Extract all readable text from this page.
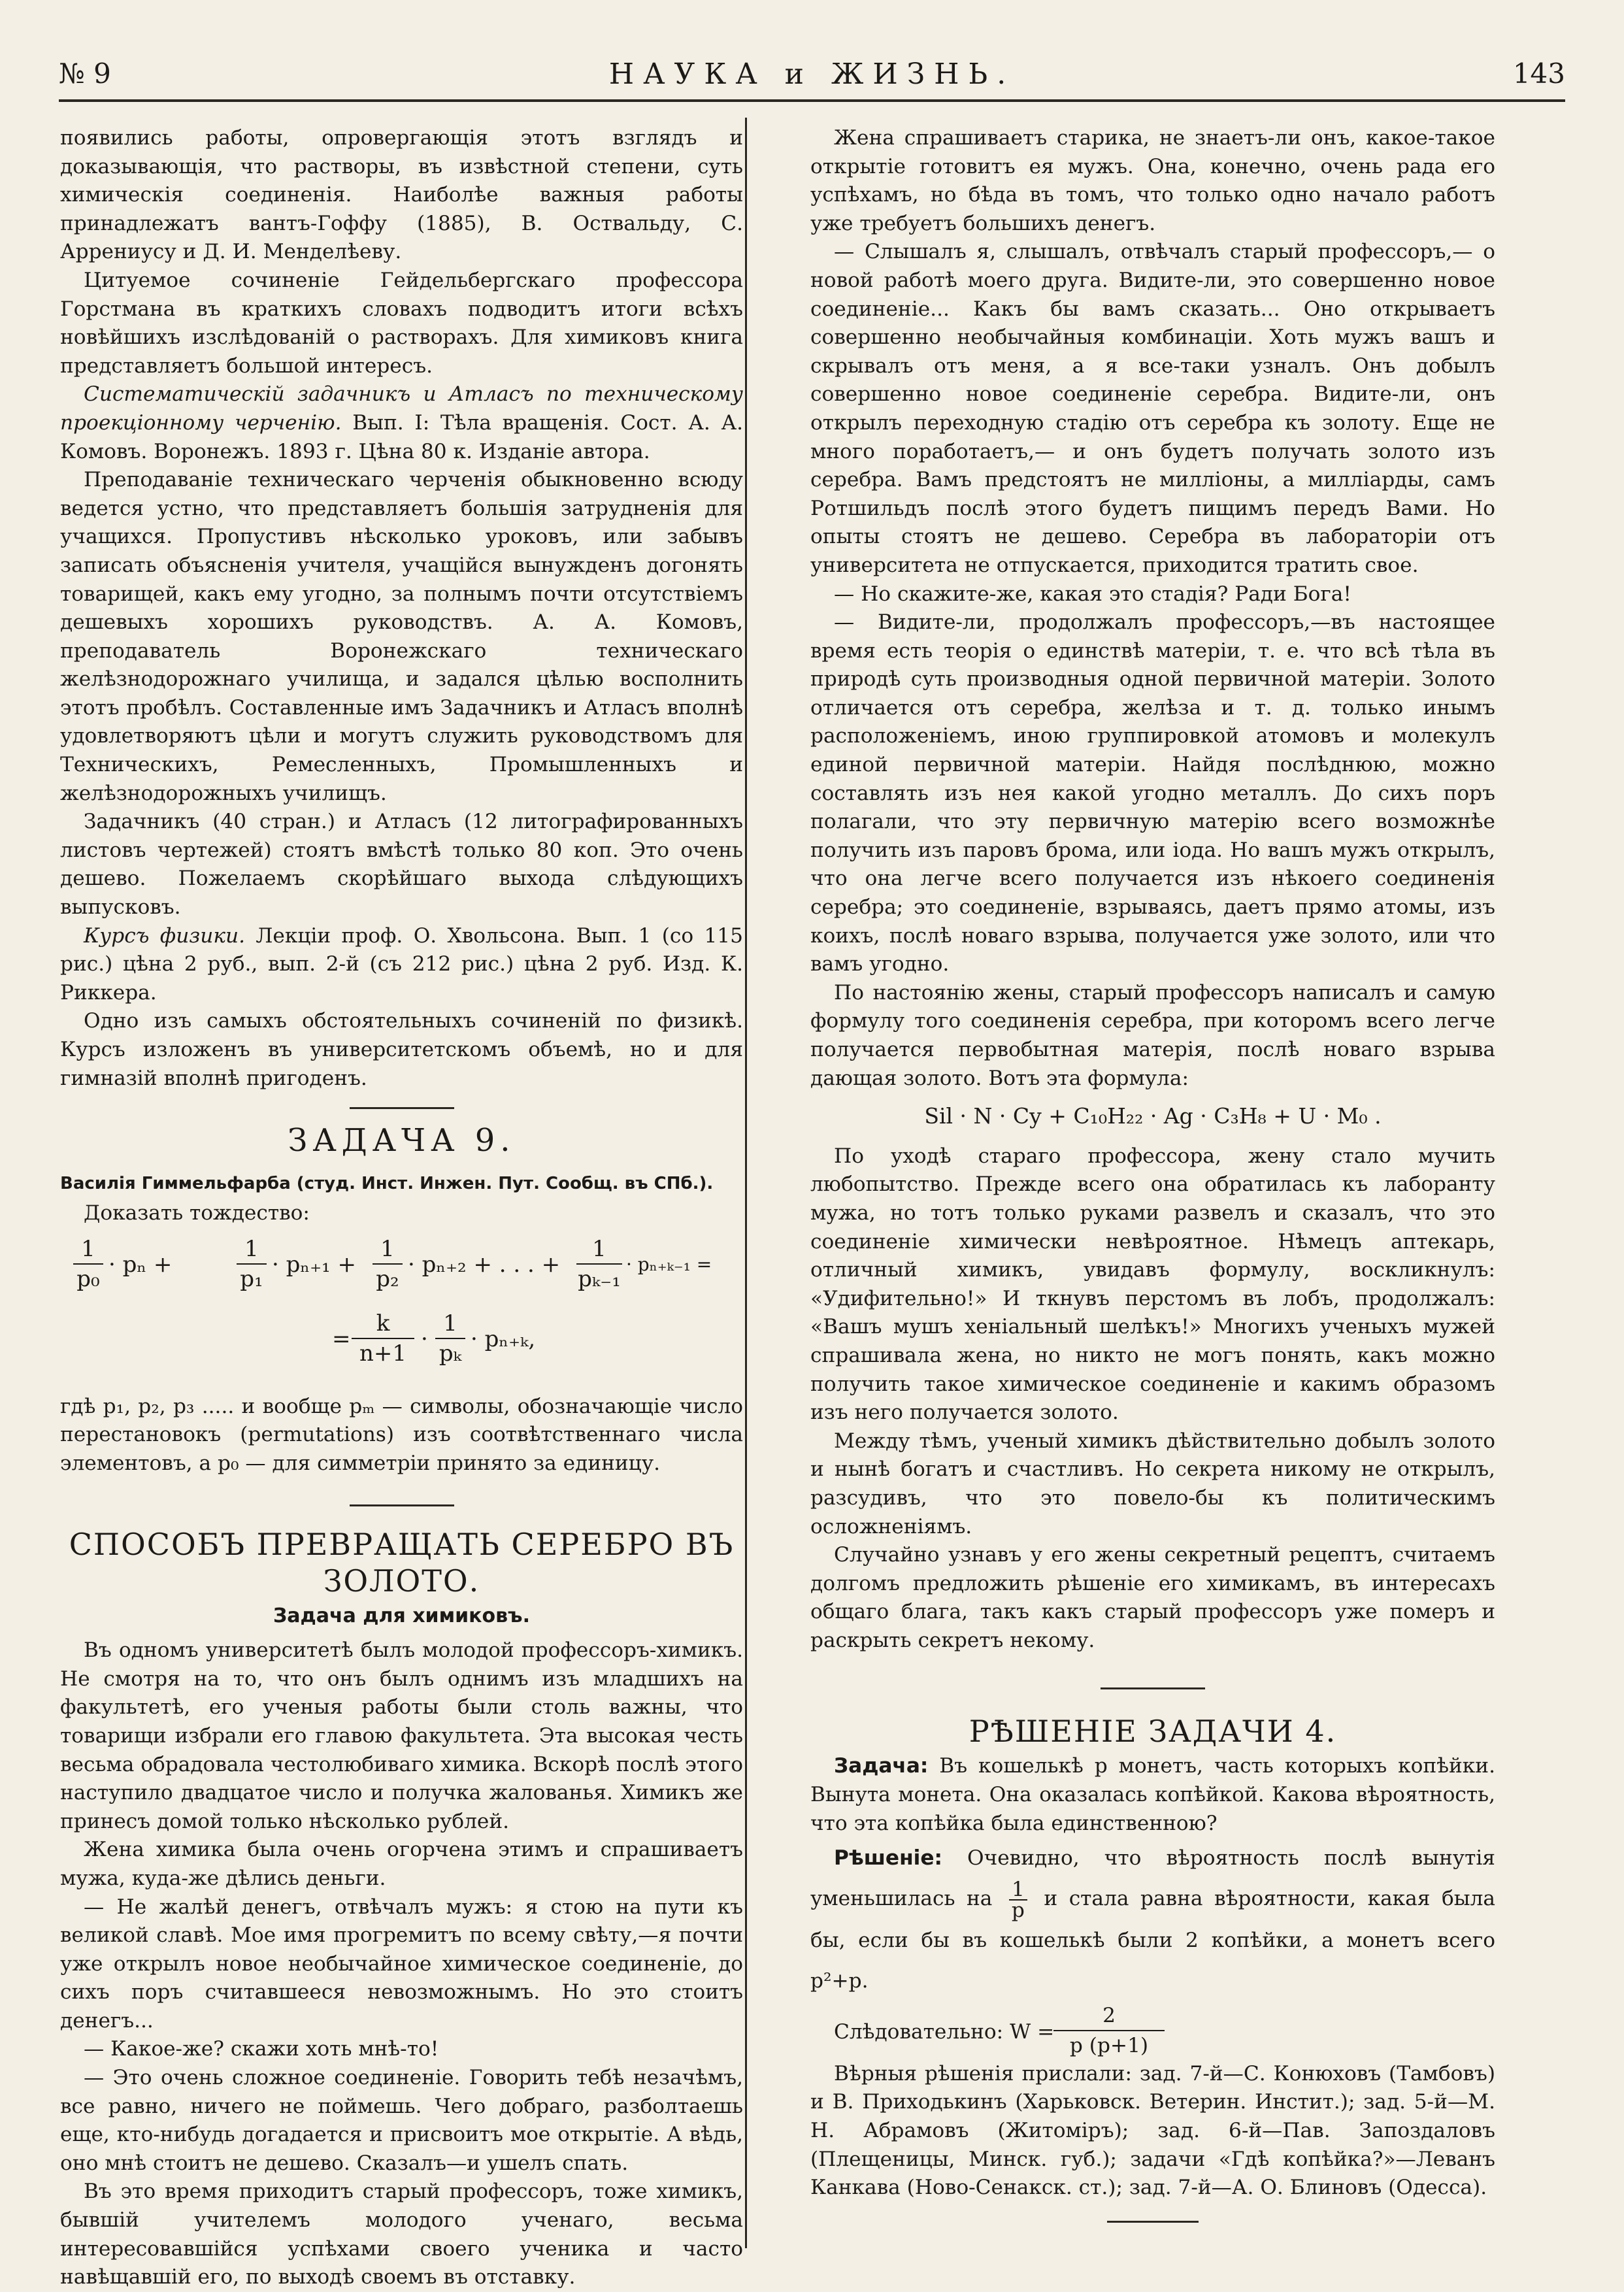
№ 9	НАУКА и ЖИЗНЬ.	143

появились работы, опровергающія этотъ взглядъ и доказывающія, что растворы, въ извѣстной степени, суть химическія соединенія. Наиболѣе важныя работы принадлежатъ вантъ-Гоффу (1885), В. Оствальду, С. Аррениусу и Д. И. Менделѣеву.

Цитуемое сочиненіе Гейдельбергскаго профессора Горстмана въ краткихъ словахъ подводитъ итоги всѣхъ новѣйшихъ изслѣдованій о растворахъ. Для химиковъ книга представляетъ большой интересъ.

Систематическій задачникъ и Атласъ по техническому проекціонному черченію. Вып. I: Тѣла вращенія. Сост. А. А. Комовъ. Воронежъ. 1893 г. Цѣна 80 к. Изданіе автора.

Преподаваніе техническаго черченія обыкновенно всюду ведется устно, что представляетъ большія затрудненія для учащихся. Пропустивъ нѣсколько уроковъ, или забывъ записать объясненія учителя, учащійся вынужденъ догонять товарищей, какъ ему угодно, за полнымъ почти отсутствіемъ дешевыхъ хорошихъ руководствъ. А. А. Комовъ, преподаватель Воронежскаго техническаго желѣзнодорожнаго училища, и задался цѣлью восполнить этотъ пробѣлъ. Составленные имъ Задачникъ и Атласъ вполнѣ удовлетворяютъ цѣли и могутъ служить руководствомъ для Техническихъ, Ремесленныхъ, Промышленныхъ и желѣзнодорожныхъ училищъ.

Задачникъ (40 стран.) и Атласъ (12 литографированныхъ листовъ чертежей) стоятъ вмѣстѣ только 80 коп. Это очень дешево. Пожелаемъ скорѣйшаго выхода слѣдующихъ выпусковъ.

Курсъ физики. Лекціи проф. О. Хвольсона. Вып. 1 (со 115 рис.) цѣна 2 руб., вып. 2-й (съ 212 рис.) цѣна 2 руб. Изд. К. Риккера.

Одно изъ самыхъ обстоятельныхъ сочиненій по физикѣ. Курсъ изложенъ въ университетскомъ объемѣ, но и для гимназій вполнѣ пригоденъ.

ЗАДАЧА 9.
Василія Гиммельфарба (студ. Инст. Инжен. Пут. Сообщ. въ СПб.).

Доказать тождество:

1
p₀
· pₙ +
1
p₁
· pₙ₊₁ +
1
p₂
· pₙ₊₂ + . . . +
1
pₖ₋₁
· pₙ₊ₖ₋₁ =
=
k
n+1
·
1
pₖ
· pₙ₊ₖ,

гдѣ p₁, p₂, p₃ ..... и вообще pₘ — символы, обозначающіе число перестановокъ (permutations) изъ соотвѣтственнаго числа элементовъ, а p₀ — для симметріи принято за единицу.

СПОСОБЪ ПРЕВРАЩАТЬ СЕРЕБРО ВЪ ЗОЛОТО.
Задача для химиковъ.

Въ одномъ университетѣ былъ молодой профессоръ-химикъ. Не смотря на то, что онъ былъ однимъ изъ младшихъ на факультетѣ, его ученыя работы были столь важны, что товарищи избрали его главою факультета. Эта высокая честь весьма обрадовала честолюбиваго химика. Вскорѣ послѣ этого наступило двадцатое число и получка жалованья. Химикъ же принесъ домой только нѣсколько рублей.

Жена химика была очень огорчена этимъ и спрашиваетъ мужа, куда-же дѣлись деньги.

— Не жалѣй денегъ, отвѣчалъ мужъ: я стою на пути къ великой славѣ. Мое имя прогремитъ по всему свѣту,—я почти уже открылъ новое необычайное химическое соединеніе, до сихъ поръ считавшееся невозможнымъ. Но это стоитъ денегъ...

— Какое-же? скажи хоть мнѣ-то!

— Это очень сложное соединеніе. Говорить тебѣ незачѣмъ, все равно, ничего не поймешь. Чего добраго, разболтаешь еще, кто-нибудь догадается и присвоитъ мое открытіе. А вѣдь, оно мнѣ стоитъ не дешево. Сказалъ—и ушелъ спать.

Въ это время приходитъ старый профессоръ, тоже химикъ, бывшій учителемъ молодого ученаго, весьма интересовавшійся успѣхами своего ученика и часто навѣщавшій его, по выходѣ своемъ въ отставку.

Жена спрашиваетъ старика, не знаетъ-ли онъ, какое-такое открытіе готовитъ ея мужъ. Она, конечно, очень рада его успѣхамъ, но бѣда въ томъ, что только одно начало работъ уже требуетъ большихъ денегъ.

— Слышалъ я, слышалъ, отвѣчалъ старый профессоръ,— о новой работѣ моего друга. Видите-ли, это совершенно новое соединеніе... Какъ бы вамъ сказать... Оно открываетъ совершенно необычайныя комбинаціи. Хоть мужъ вашъ и скрывалъ отъ меня, а я все-таки узналъ. Онъ добылъ совершенно новое соединеніе серебра. Видите-ли, онъ открылъ переходную стадію отъ серебра къ золоту. Еще не много поработаетъ,— и онъ будетъ получать золото изъ серебра. Вамъ предстоятъ не милліоны, а милліарды, самъ Ротшильдъ послѣ этого будетъ пищимъ передъ Вами. Но опыты стоятъ не дешево. Серебра въ лабораторіи отъ университета не отпускается, приходится тратить свое.

— Но скажите-же, какая это стадія? Ради Бога!

— Видите-ли, продолжалъ профессоръ,—въ настоящее время есть теорія о единствѣ матеріи, т. е. что всѣ тѣла въ природѣ суть производныя одной первичной матеріи. Золото отличается отъ серебра, желѣза и т. д. только инымъ расположеніемъ, иною группировкой атомовъ и молекулъ единой первичной матеріи. Найдя послѣднюю, можно составлять изъ нея какой угодно металлъ. До сихъ поръ полагали, что эту первичную матерію всего возможнѣе получить изъ паровъ брома, или іода. Но вашъ мужъ открылъ, что она легче всего получается изъ нѣкоего соединенія серебра; это соединеніе, взрываясь, даетъ прямо атомы, изъ коихъ, послѣ новаго взрыва, получается уже золото, или что вамъ угодно.

По настоянію жены, старый профессоръ написалъ и самую формулу того соединенія серебра, при которомъ всего легче получается первобытная матерія, послѣ новаго взрыва дающая золото. Вотъ эта формула:

Sil · N · Cy + C₁₀H₂₂ · Ag · C₃H₈ + U · M₀ .

По уходѣ стараго профессора, жену стало мучить любопытство. Прежде всего она обратилась къ лаборанту мужа, но тотъ только руками развелъ и сказалъ, что это соединеніе химически невѣроятное. Нѣмецъ аптекарь, отличный химикъ, увидавъ формулу, воскликнулъ: «Удифительно!» И ткнувъ перстомъ въ лобъ, продолжалъ: «Вашъ мушъ хеніальный шелѣкъ!» Многихъ ученыхъ мужей спрашивала жена, но никто не могъ понять, какъ можно получить такое химическое соединеніе и какимъ образомъ изъ него получается золото.

Между тѣмъ, ученый химикъ дѣйствительно добылъ золото и нынѣ богатъ и счастливъ. Но секрета никому не открылъ, разсудивъ, что это повело-бы къ политическимъ осложненіямъ.

Случайно узнавъ у его жены секретный рецептъ, считаемъ долгомъ предложить рѣшеніе его химикамъ, въ интересахъ общаго блага, такъ какъ старый профессоръ уже померъ и раскрыть секретъ некому.

РѢШЕНІЕ ЗАДАЧИ 4.

Задача: Въ кошелькѣ p монетъ, часть которыхъ копѣйки. Вынута монета. Она оказалась копѣйкой. Какова вѣроятность, что эта копѣйка была единственною?

Рѣшеніе: Очевидно, что вѣроятность послѣ вынутія уменьшилась на $\frac{1}{p}$ и стала равна вѣроятности, какая была бы, если бы въ кошелькѣ были 2 копѣйки, а монетъ всего p²+p.

Слѣдовательно: W =
2
p (p+1)

Вѣрныя рѣшенія прислали: зад. 7-й—С. Конюховъ (Тамбовъ) и В. Приходькинъ (Харьковск. Ветерин. Инстит.); зад. 5-й—М. Н. Абрамовъ (Житоміръ); зад. 6-й—Пав. Запоздаловъ (Плещеницы, Минск. губ.); задачи «Гдѣ копѣйка?»—Леванъ Канкава (Ново-Сенакск. ст.); зад. 7-й—А. О. Блиновъ (Одесса).
